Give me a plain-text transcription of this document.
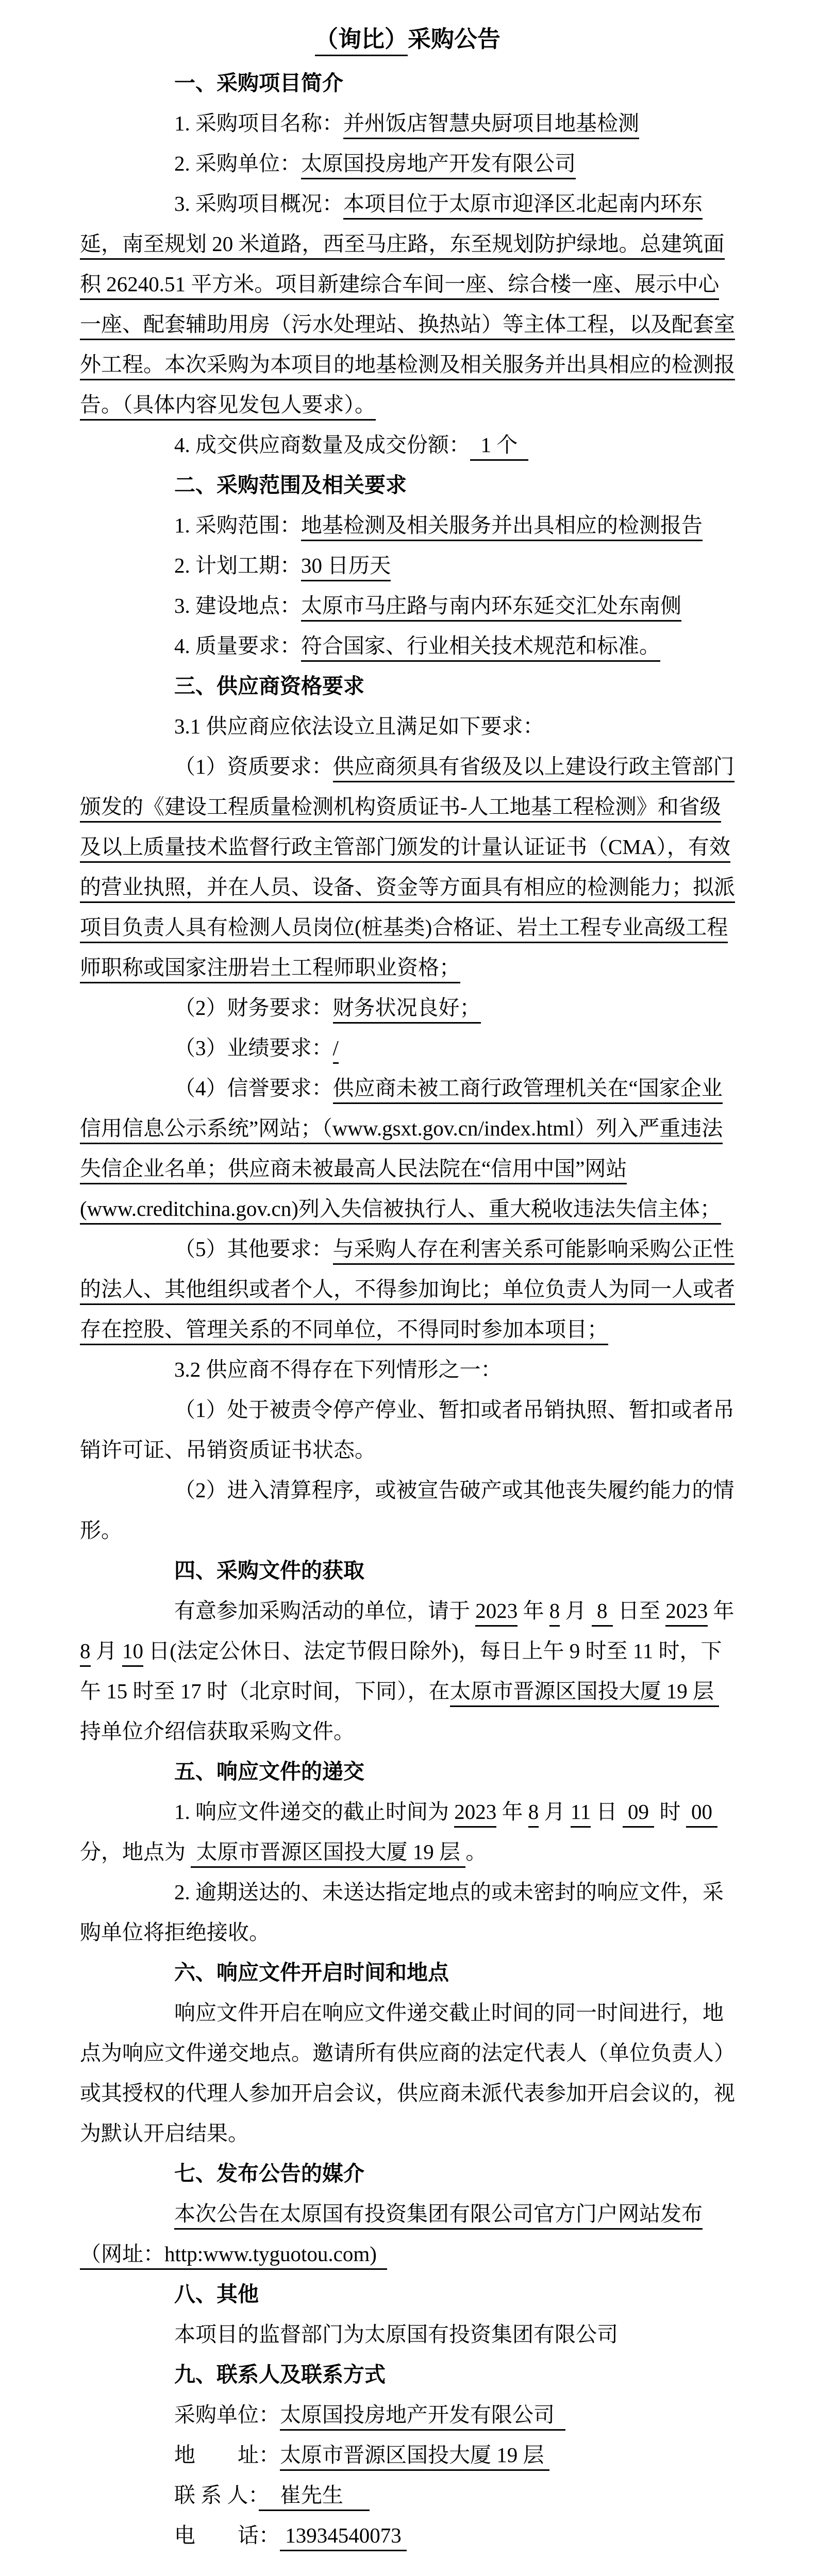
（询比）采购公告

一、采购项目简介

1. 采购项目名称：并州饭店智慧央厨项目地基检测

2. 采购单位：太原国投房地产开发有限公司

3. 采购项目概况：本项目位于太原市迎泽区北起南内环东延，南至规划 20 米道路，西至马庄路，东至规划防护绿地。总建筑面积 26240.51 平方米。项目新建综合车间一座、综合楼一座、展示中心一座、配套辅助用房（污水处理站、换热站）等主体工程，以及配套室外工程。本次采购为本项目的地基检测及相关服务并出具相应的检测报告。（具体内容见发包人要求）。

4. 成交供应商数量及成交份额：  1 个

二、采购范围及相关要求

1. 采购范围：地基检测及相关服务并出具相应的检测报告

2. 计划工期：30 日历天

3. 建设地点：太原市马庄路与南内环东延交汇处东南侧

4. 质量要求：符合国家、行业相关技术规范和标准。

三、供应商资格要求

3.1 供应商应依法设立且满足如下要求：

（1）资质要求：供应商须具有省级及以上建设行政主管部门颁发的《建设工程质量检测机构资质证书-人工地基工程检测》和省级及以上质量技术监督行政主管部门颁发的计量认证证书（CMA），有效的营业执照，并在人员、设备、资金等方面具有相应的检测能力；拟派项目负责人具有检测人员岗位(桩基类)合格证、岩土工程专业高级工程师职称或国家注册岩土工程师职业资格；

（2）财务要求：财务状况良好；

（3）业绩要求：/

（4）信誉要求：供应商未被工商行政管理机关在“国家企业信用信息公示系统”网站；（www.gsxt.gov.cn/index.html）列入严重违法失信企业名单；供应商未被最高人民法院在“信用中国”网站(www.creditchina.gov.cn)列入失信被执行人、重大税收违法失信主体；

（5）其他要求：与采购人存在利害关系可能影响采购公正性的法人、其他组织或者个人，不得参加询比；单位负责人为同一人或者存在控股、管理关系的不同单位，不得同时参加本项目；

3.2 供应商不得存在下列情形之一：

（1）处于被责令停产停业、暂扣或者吊销执照、暂扣或者吊销许可证、吊销资质证书状态。

（2）进入清算程序，或被宣告破产或其他丧失履约能力的情形。

四、采购文件的获取

有意参加采购活动的单位，请于 2023 年 8 月  8  日至 2023 年 8 月 10 日(法定公休日、法定节假日除外)，每日上午 9 时至 11 时，下午 15 时至 17 时（北京时间，下同），在太原市晋源区国投大厦 19 层  持单位介绍信获取采购文件。

五、响应文件的递交

1. 响应文件递交的截止时间为 2023 年 8 月 11 日  09  时  00  分，地点为  太原市晋源区国投大厦 19 层 。

2. 逾期送达的、未送达指定地点的或未密封的响应文件，采购单位将拒绝接收。

六、响应文件开启时间和地点

响应文件开启在响应文件递交截止时间的同一时间进行，地点为响应文件递交地点。邀请所有供应商的法定代表人（单位负责人）或其授权的代理人参加开启会议，供应商未派代表参加开启会议的，视为默认开启结果。

七、发布公告的媒介

本次公告在太原国有投资集团有限公司官方门户网站发布（网址：http:www.tyguotou.com)

八、其他

本项目的监督部门为太原国有投资集团有限公司

九、联系人及联系方式

采购单位：太原国投房地产开发有限公司

地　　址：太原市晋源区国投大厦 19 层

联 系 人：　崔先生　

电　　话： 13934540073
